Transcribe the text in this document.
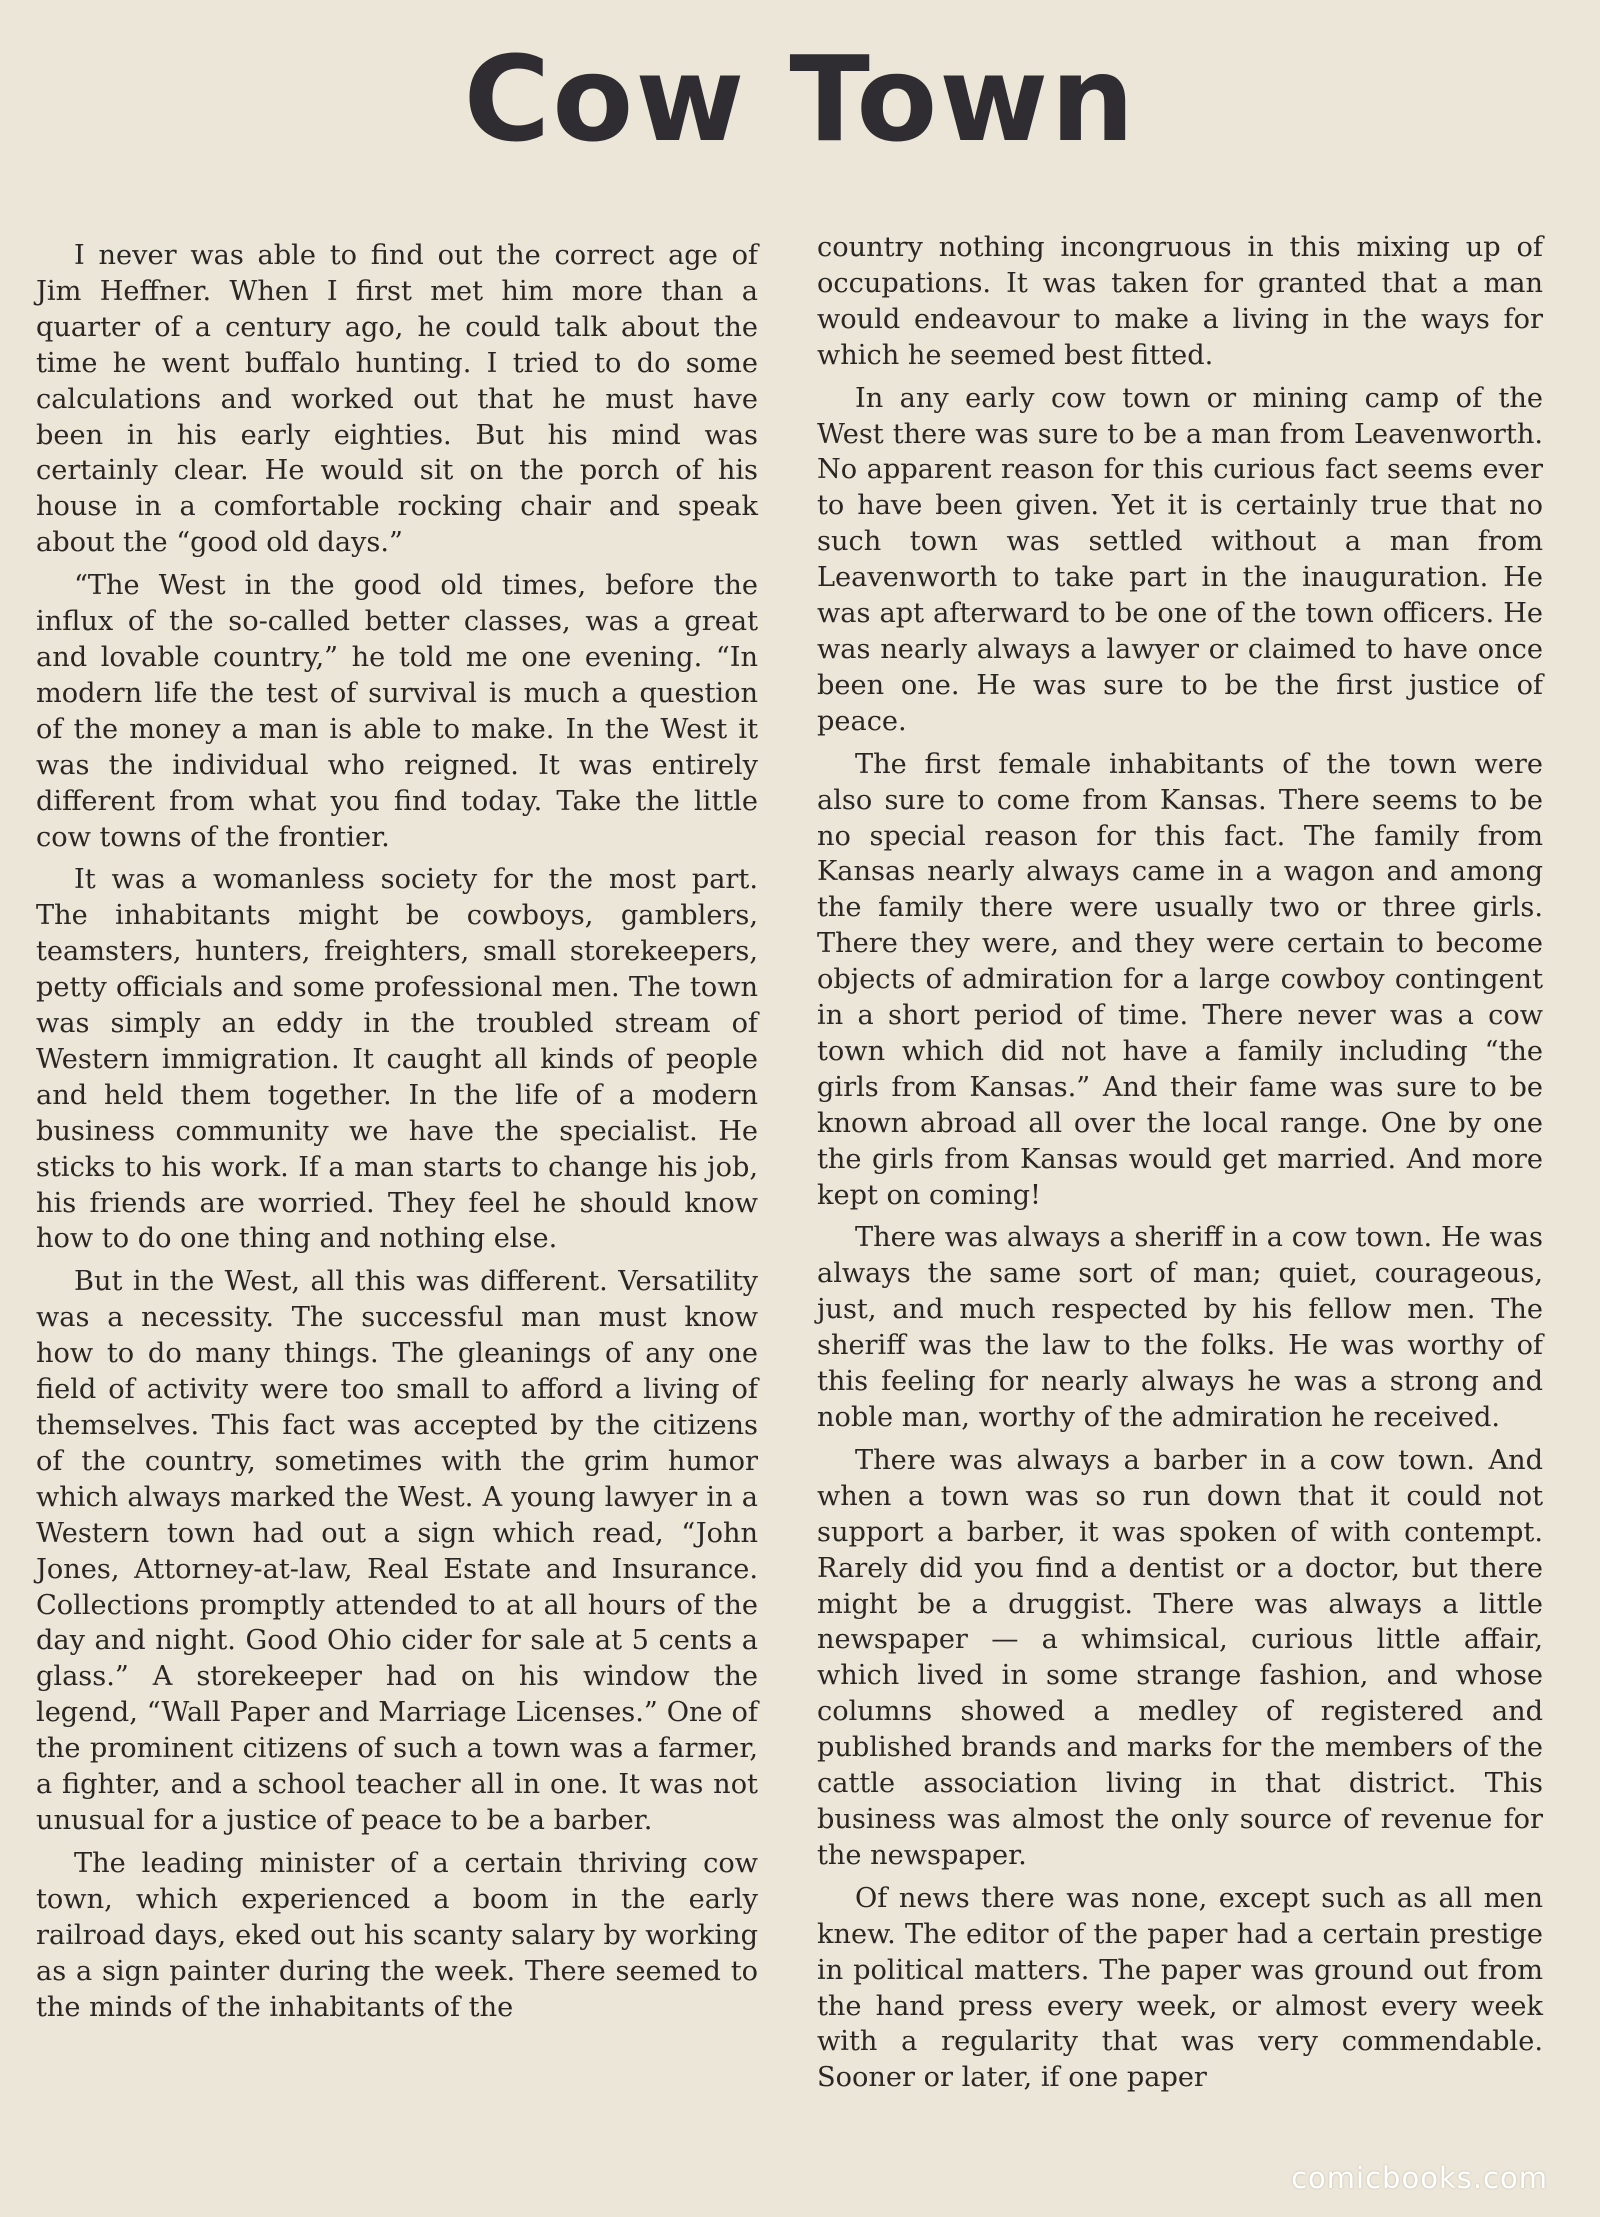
Cow Town

I never was able to find out the correct age of Jim Heffner. When I first met him more than a quarter of a century ago, he could talk about the time he went buffalo hunting. I tried to do some calculations and worked out that he must have been in his early eighties. But his mind was certainly clear. He would sit on the porch of his house in a comfortable rocking chair and speak about the “good old days.”

“The West in the good old times, before the influx of the so-called better classes, was a great and lovable country,” he told me one evening. “In modern life the test of survival is much a question of the money a man is able to make. In the West it was the individual who reigned. It was entirely different from what you find today. Take the little cow towns of the frontier.

It was a womanless society for the most part. The inhabitants might be cowboys, gamblers, teamsters, hunters, freighters, small storekeepers, petty officials and some professional men. The town was simply an eddy in the troubled stream of Western immigration. It caught all kinds of people and held them together. In the life of a modern business community we have the specialist. He sticks to his work. If a man starts to change his job, his friends are worried. They feel he should know how to do one thing and nothing else.

But in the West, all this was different. Versatility was a necessity. The successful man must know how to do many things. The gleanings of any one field of activity were too small to afford a living of themselves. This fact was accepted by the citizens of the country, sometimes with the grim humor which always marked the West. A young lawyer in a Western town had out a sign which read, “John Jones, Attorney-at-law, Real Estate and Insurance. Collections promptly attended to at all hours of the day and night. Good Ohio cider for sale at 5 cents a glass.” A storekeeper had on his window the legend, “Wall Paper and Marriage Licenses.” One of the prominent citizens of such a town was a farmer, a fighter, and a school teacher all in one. It was not unusual for a justice of peace to be a barber.

The leading minister of a certain thriving cow town, which experienced a boom in the early railroad days, eked out his scanty salary by working as a sign painter during the week. There seemed to the minds of the inhabitants of the

country nothing incongruous in this mixing up of occupations. It was taken for granted that a man would endeavour to make a living in the ways for which he seemed best fitted.

In any early cow town or mining camp of the West there was sure to be a man from Leavenworth. No apparent reason for this curious fact seems ever to have been given. Yet it is certainly true that no such town was settled without a man from Leavenworth to take part in the inauguration. He was apt afterward to be one of the town officers. He was nearly always a lawyer or claimed to have once been one. He was sure to be the first justice of peace.

The first female inhabitants of the town were also sure to come from Kansas. There seems to be no special reason for this fact. The family from Kansas nearly always came in a wagon and among the family there were usually two or three girls. There they were, and they were certain to become objects of admiration for a large cowboy contingent in a short period of time. There never was a cow town which did not have a family including “the girls from Kansas.” And their fame was sure to be known abroad all over the local range. One by one the girls from Kansas would get married. And more kept on coming!

There was always a sheriff in a cow town. He was always the same sort of man; quiet, courageous, just, and much respected by his fellow men. The sheriff was the law to the folks. He was worthy of this feeling for nearly always he was a strong and noble man, worthy of the admiration he received.

There was always a barber in a cow town. And when a town was so run down that it could not support a barber, it was spoken of with contempt. Rarely did you find a dentist or a doctor, but there might be a druggist. There was always a little newspaper — a whimsical, curious little affair, which lived in some strange fashion, and whose columns showed a medley of registered and published brands and marks for the members of the cattle association living in that district. This business was almost the only source of revenue for the newspaper.

Of news there was none, except such as all men knew. The editor of the paper had a certain prestige in political matters. The paper was ground out from the hand press every week, or almost every week with a regularity that was very commendable. Sooner or later, if one paper

comicbooks.com
